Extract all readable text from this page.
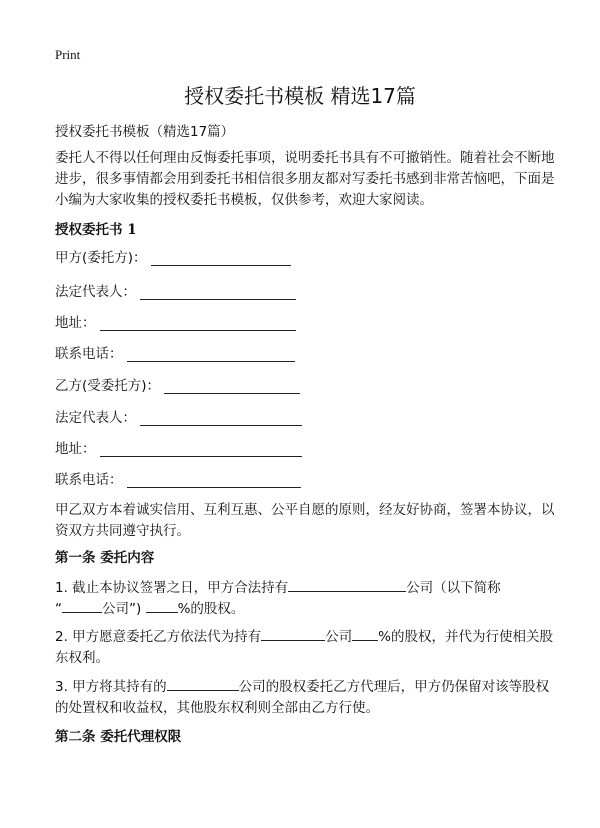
Print
授权委托书模板 精选17篇
授权委托书模板（精选17篇）
委托人不得以任何理由反悔委托事项，说明委托书具有不可撤销性。随着社会不断地进步，很多事情都会用到委托书相信很多朋友都对写委托书感到非常苦恼吧，下面是小编为大家收集的授权委托书模板，仅供参考，欢迎大家阅读。
授权委托书 1
甲方(委托方)：
法定代表人：
地址：
联系电话：
乙方(受委托方)：
法定代表人：
地址：
联系电话：
甲乙双方本着诚实信用、互利互惠、公平自愿的原则，经友好协商，签署本协议，以资双方共同遵守执行。
第一条 委托内容
1. 截止本协议签署之日，甲方合法持有	公司（以下简称
“	公司”)	%的股权。
2. 甲方愿意委托乙方依法代为持有	公司 %的股权，并代为行使相关股东权利。
3. 甲方将其持有的	公司的股权委托乙方代理后，甲方仍保留对该等股权的处置权和收益权，其他股东权利则全部由乙方行使。
第二条 委托代理权限
